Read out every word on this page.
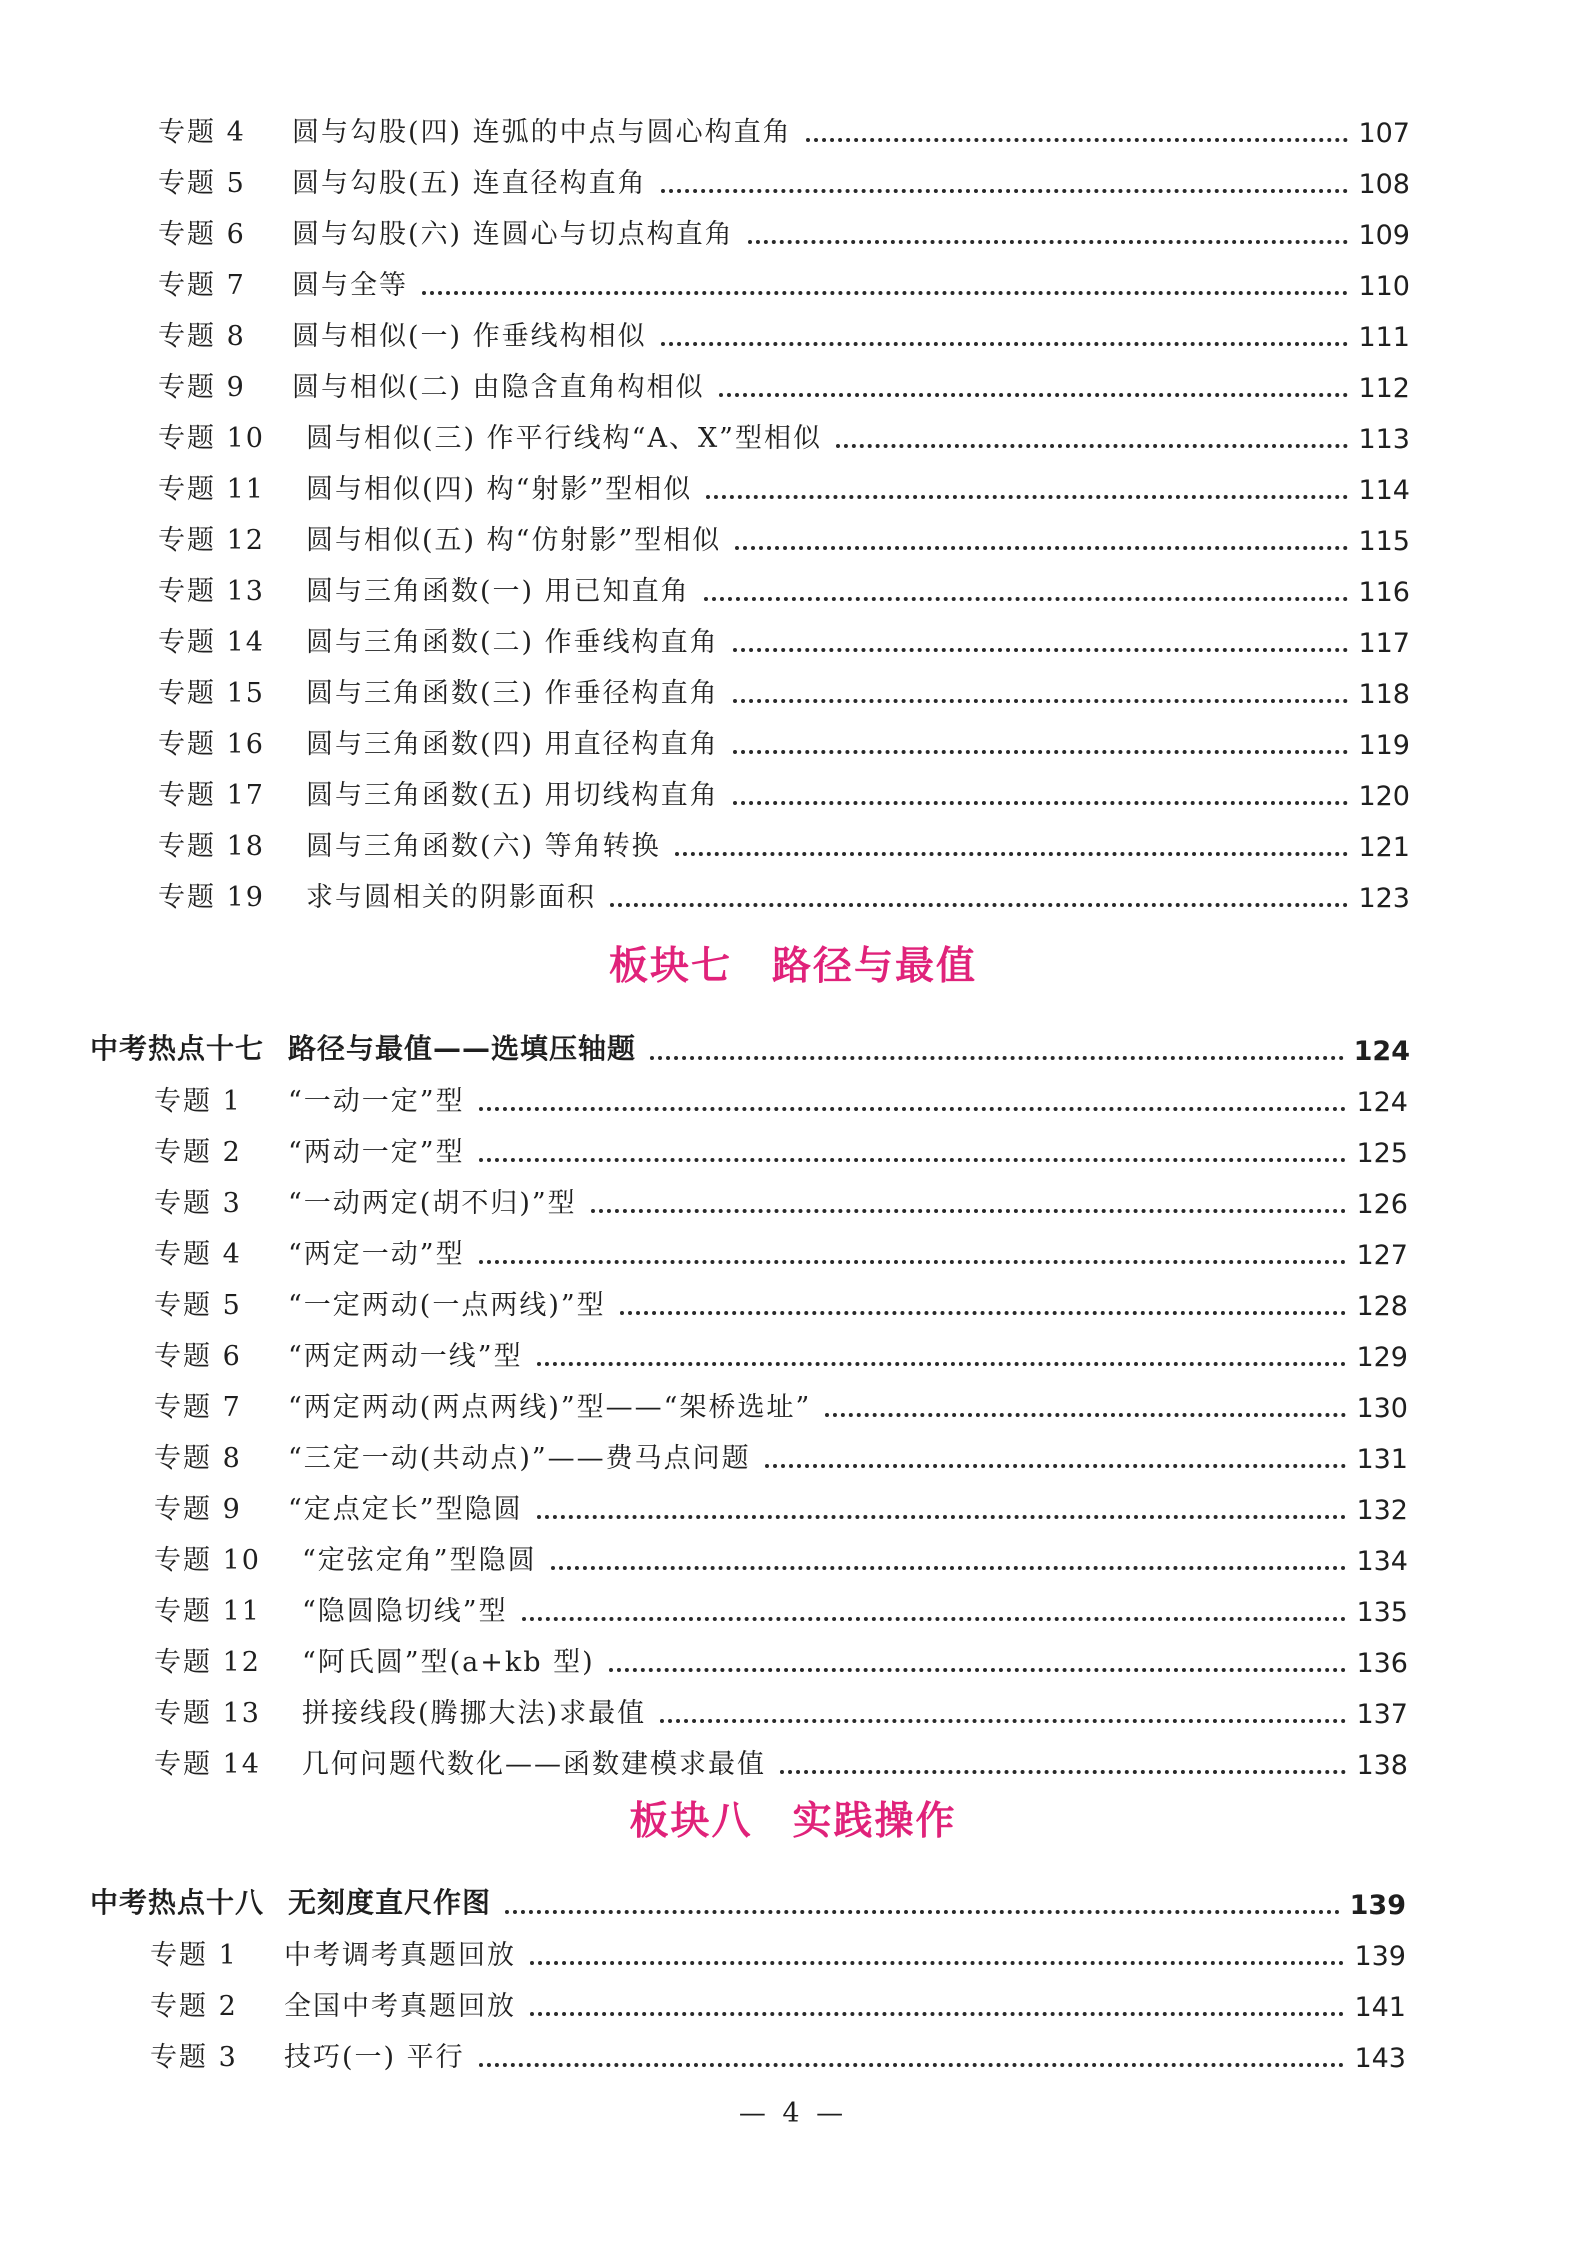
专题 4	圆与勾股(四) 连弧的中点与圆心构直角	107
专题 5	圆与勾股(五) 连直径构直角	108
专题 6	圆与勾股(六) 连圆心与切点构直角	109
专题 7	圆与全等	110
专题 8	圆与相似(一) 作垂线构相似	111
专题 9	圆与相似(二) 由隐含直角构相似	112
专题 10	圆与相似(三) 作平行线构“A、X”型相似	113
专题 11	圆与相似(四) 构“射影”型相似	114
专题 12	圆与相似(五) 构“仿射影”型相似	115
专题 13	圆与三角函数(一) 用已知直角	116
专题 14	圆与三角函数(二) 作垂线构直角	117
专题 15	圆与三角函数(三) 作垂径构直角	118
专题 16	圆与三角函数(四) 用直径构直角	119
专题 17	圆与三角函数(五) 用切线构直角	120
专题 18	圆与三角函数(六) 等角转换	121
专题 19	求与圆相关的阴影面积	123
板块七 路径与最值
中考热点十七 路径与最值——选填压轴题	124
专题 1	“一动一定”型	124
专题 2	“两动一定”型	125
专题 3	“一动两定(胡不归)”型	126
专题 4	“两定一动”型	127
专题 5	“一定两动(一点两线)”型	128
专题 6	“两定两动一线”型	129
专题 7	“两定两动(两点两线)”型——“架桥选址”	130
专题 8	“三定一动(共动点)”——费马点问题	131
专题 9	“定点定长”型隐圆	132
专题 10	“定弦定角”型隐圆	134
专题 11	“隐圆隐切线”型	135
专题 12	“阿氏圆”型(a+kb 型)	136
专题 13	拼接线段(腾挪大法)求最值	137
专题 14	几何问题代数化——函数建模求最值	138
板块八 实践操作
中考热点十八 无刻度直尺作图	139
专题 1	中考调考真题回放	139
专题 2	全国中考真题回放	141
专题 3	技巧(一) 平行	143
— 4 —
